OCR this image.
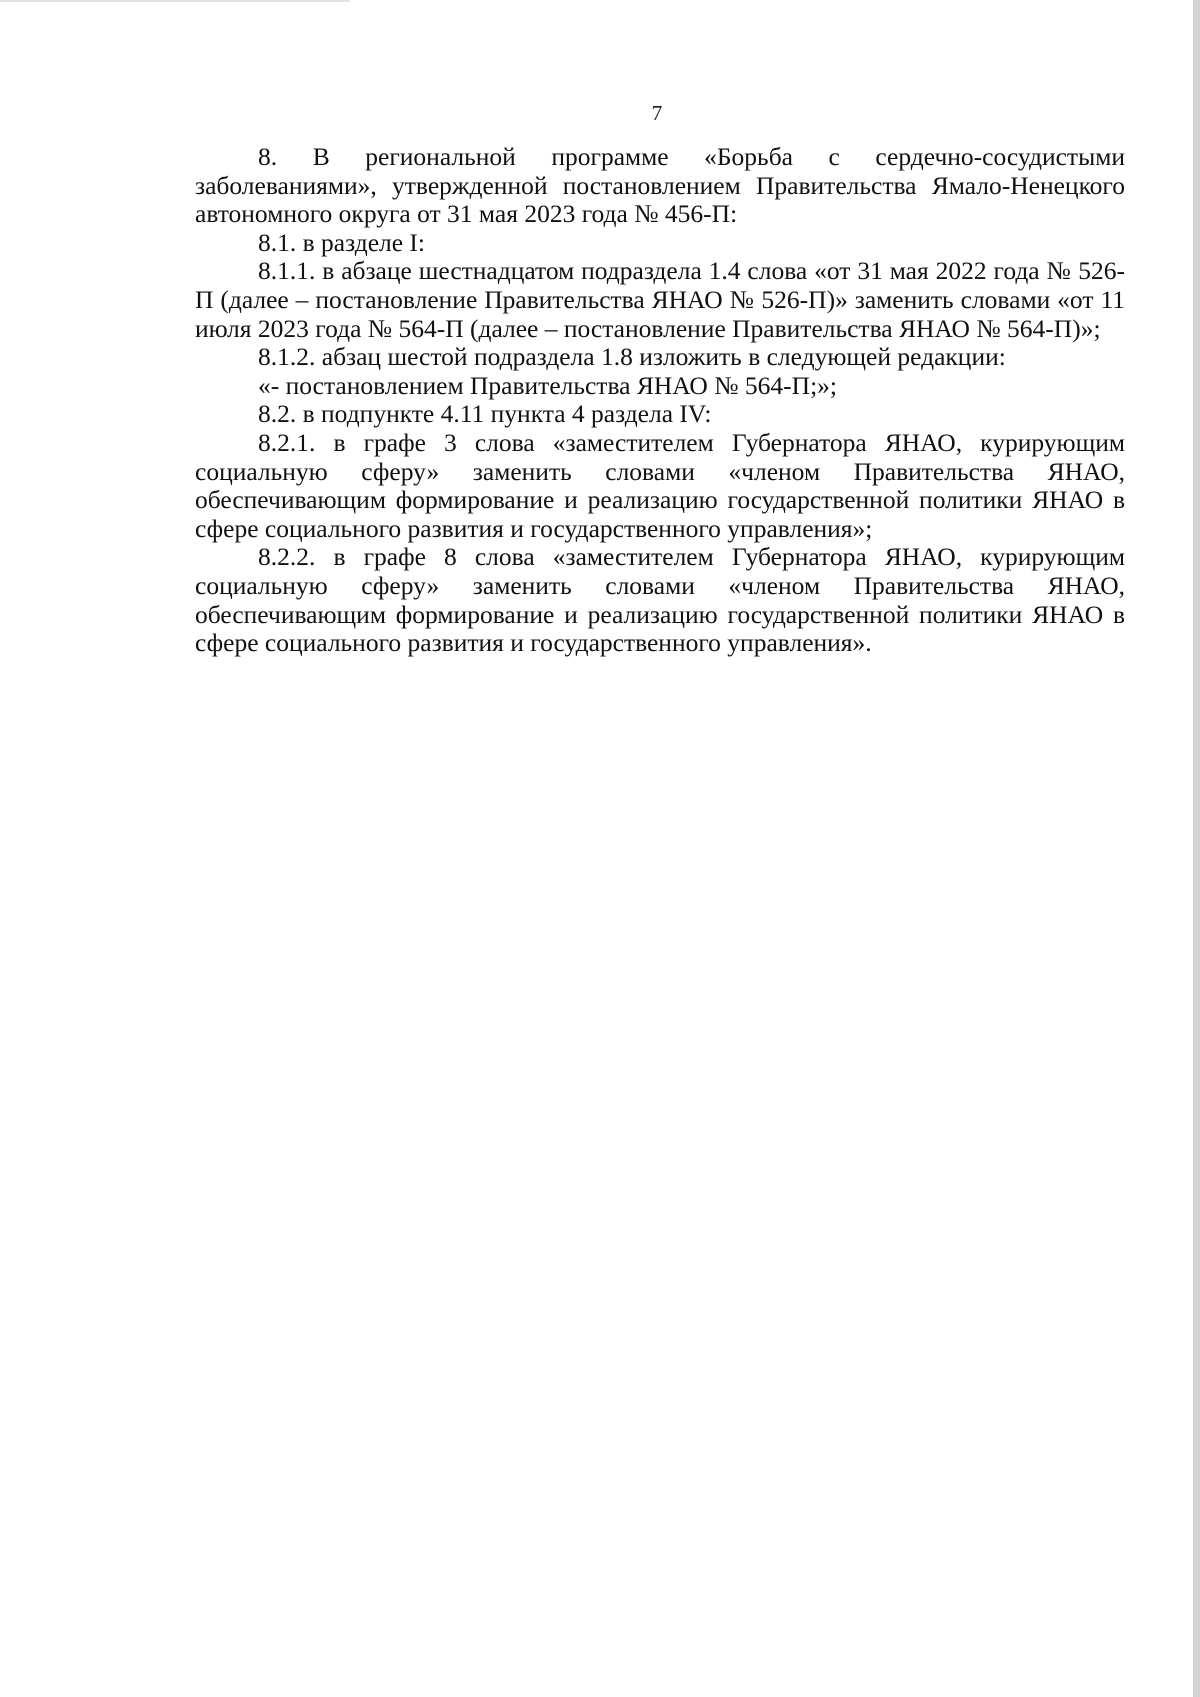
7

8. В региональной программе «Борьба с сердечно-сосудистыми заболеваниями», утвержденной постановлением Правительства Ямало-Ненецкого автономного округа от 31 мая 2023 года № 456-П:

8.1. в разделе I:

8.1.1. в абзаце шестнадцатом подраздела 1.4 слова «от 31 мая 2022 года № 526-П (далее – постановление Правительства ЯНАО № 526-П)» заменить словами «от 11 июля 2023 года № 564-П (далее – постановление Правительства ЯНАО № 564-П)»;

8.1.2. абзац шестой подраздела 1.8 изложить в следующей редакции:

«- постановлением Правительства ЯНАО № 564-П;»;

8.2. в подпункте 4.11 пункта 4 раздела IV:

8.2.1. в графе 3 слова «заместителем Губернатора ЯНАО, курирующим социальную сферу» заменить словами «членом Правительства ЯНАО, обеспечивающим формирование и реализацию государственной политики ЯНАО в сфере социального развития и государственного управления»;

8.2.2. в графе 8 слова «заместителем Губернатора ЯНАО, курирующим социальную сферу» заменить словами «членом Правительства ЯНАО, обеспечивающим формирование и реализацию государственной политики ЯНАО в сфере социального развития и государственного управления».
